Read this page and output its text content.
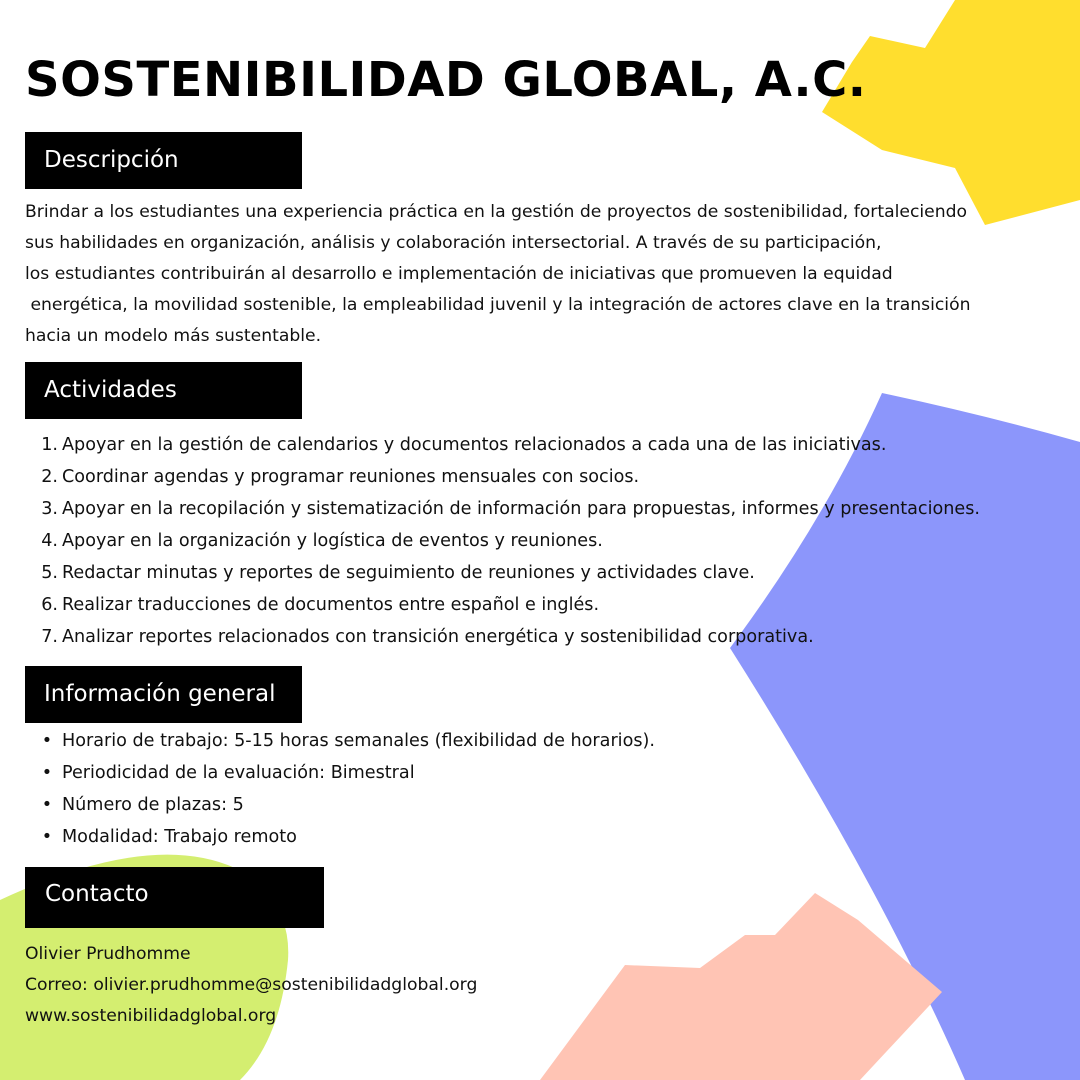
SOSTENIBILIDAD GLOBAL, A.C.
Descripción

Brindar a los estudiantes una experiencia práctica en la gestión de proyectos de sostenibilidad, fortaleciendo
sus habilidades en organización, análisis y colaboración intersectorial. A través de su participación,
los estudiantes contribuirán al desarrollo e implementación de iniciativas que promueven la equidad
energética, la movilidad sostenible, la empleabilidad juvenil y la integración de actores clave en la transición
hacia un modelo más sustentable.

Actividades
1. Apoyar en la gestión de calendarios y documentos relacionados a cada una de las iniciativas.
2. Coordinar agendas y programar reuniones mensuales con socios.
3. Apoyar en la recopilación y sistematización de información para propuestas, informes y presentaciones.
4. Apoyar en la organización y logística de eventos y reuniones.
5. Redactar minutas y reportes de seguimiento de reuniones y actividades clave.
6. Realizar traducciones de documentos entre español e inglés.
7. Analizar reportes relacionados con transición energética y sostenibilidad corporativa.
Información general
• Horario de trabajo: 5-15 horas semanales (flexibilidad de horarios).
• Periodicidad de la evaluación: Bimestral
• Número de plazas: 5
• Modalidad: Trabajo remoto
Contacto

Olivier Prudhomme
Correo: olivier.prudhomme@sostenibilidadglobal.org
www.sostenibilidadglobal.org
